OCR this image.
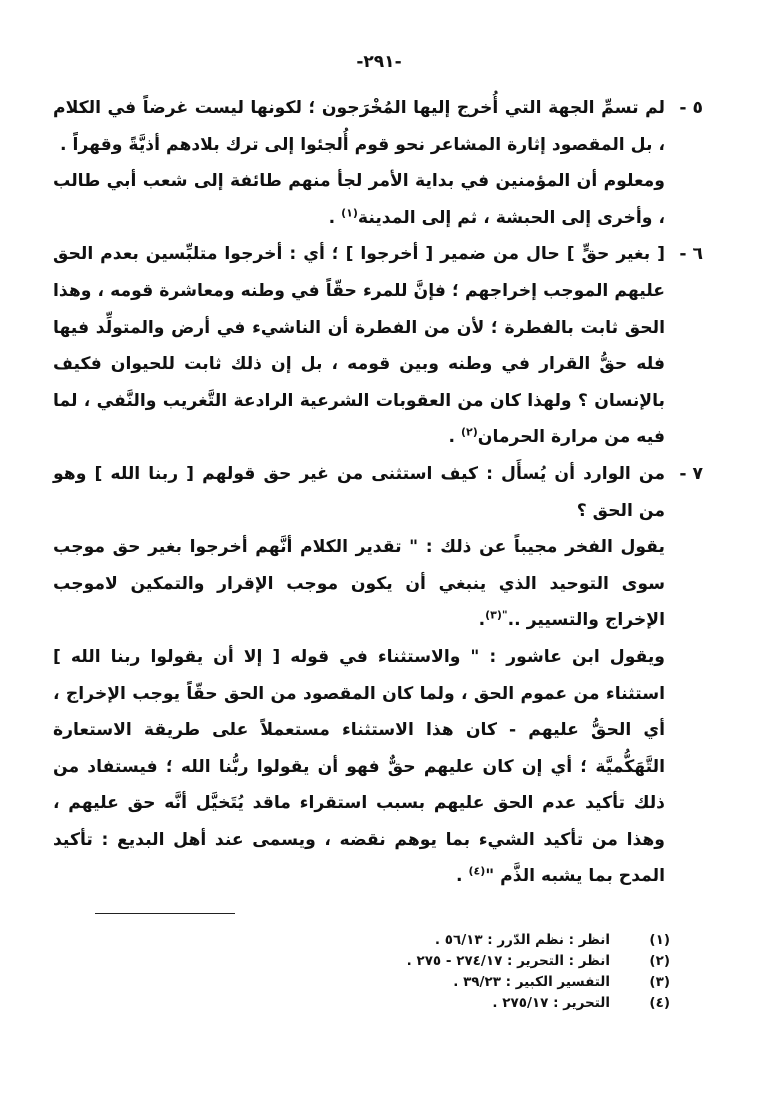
-٢٩١-
٥ -
لم تسمِّ الجهة التي أُخرج إليها المُخْرَجون ؛ لكونها ليست غرضاً في الكلام ، بل المقصود إثارة المشاعر نحو قوم أُلجئوا إلى ترك بلادهم أذيَّةً وقهراً .
ومعلوم أن المؤمنين في بداية الأمر لجأ منهم طائفة إلى شعب أبي طالب ، وأخرى إلى الحبشة ، ثم إلى المدينة$^{(١)}$ .
٦ -
[ بغير حقٍّ ] حال من ضمير [ أخرجوا ] ؛ أي : أخرجوا متلبِّسين بعدم الحق عليهم الموجب إخراجهم ؛ فإنَّ للمرء حقّاً في وطنه ومعاشرة قومه ، وهذا الحق ثابت بالفطرة ؛ لأن من الفطرة أن الناشيء في أرض والمتولِّد فيها فله حقُّ القرار في وطنه وبين قومه ، بل إن ذلك ثابت للحيوان فكيف بالإنسان ؟ ولهذا كان من العقوبات الشرعية الرادعة التَّغريب والنَّفي ، لما فيه من مرارة الحرمان$^{(٢)}$ .
٧ -
من الوارد أن يُسأَل : كيف استثنى من غير حق قولهم [ ربنا الله ] وهو من الحق ؟
يقول الفخر مجيباً عن ذلك : " تقدير الكلام أنَّهم أخرجوا بغير حق موجب سوى التوحيد الذي ينبغي أن يكون موجب الإقرار والتمكين لاموجب الإخراج والتسيير ..$^{"(٣)}$.
ويقول ابن عاشور : " والاستثناء في قوله [ إلا أن يقولوا ربنا الله ] استثناء من عموم الحق ، ولما كان المقصود من الحق حقّاً يوجب الإخراج ، أي الحقُّ عليهم - كان هذا الاستثناء مستعملاً على طريقة الاستعارة التَّهَكُّميَّة ؛ أي إن كان عليهم حقٌّ فهو أن يقولوا ربُّنا الله ؛ فيستفاد من ذلك تأكيد عدم الحق عليهم بسبب استقراء ماقد يُتَخيَّل أنَّه حق عليهم ، وهذا من تأكيد الشيء بما يوهم نقضه ، ويسمى عند أهل البديع : تأكيد المدح بما يشبه الذَّم "$^{(٤)}$ .
(١)
انظر : نظم الدّرر : ٥٦/١٣ .
(٢)
انظر : التحرير : ٢٧٤/١٧ - ٢٧٥ .
(٣)
التفسير الكبير : ٣٩/٢٣ .
(٤)
التحرير : ٢٧٥/١٧ .
